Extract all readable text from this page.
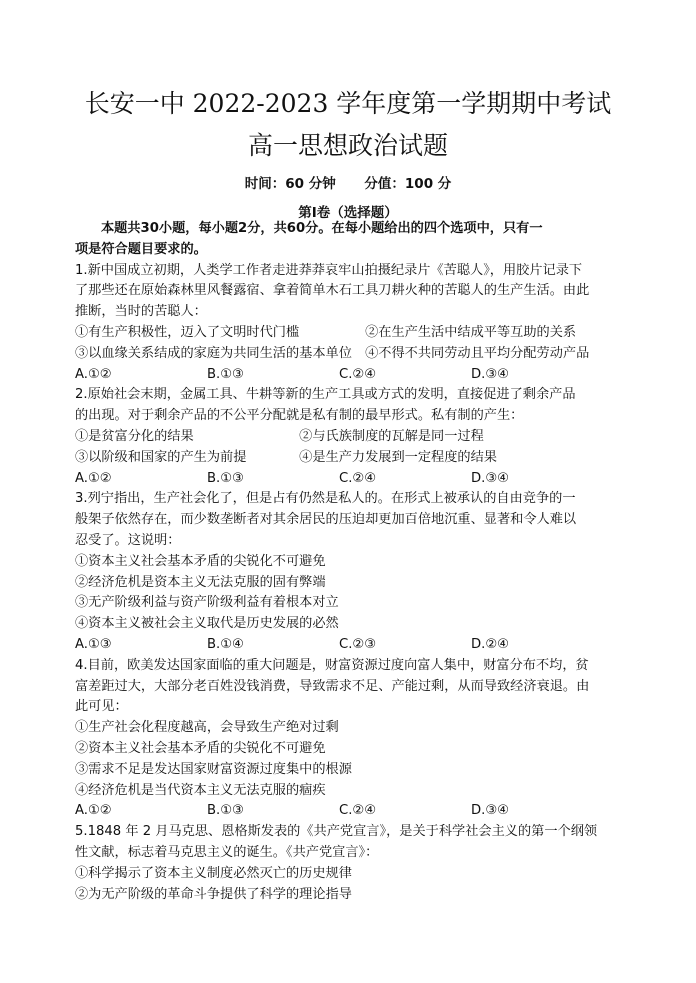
长安一中 2022-2023 学年度第一学期期中考试
高一思想政治试题
时间：60 分钟 分值：100 分
第Ⅰ卷（选择题）
本题共30小题，每小题2分，共60分。在每小题给出的四个选项中，只有一
项是符合题目要求的。
1.新中国成立初期，人类学工作者走进莽莽哀牢山拍摄纪录片《苦聪人》，用胶片记录下
了那些还在原始森林里风餐露宿、拿着简单木石工具刀耕火种的苦聪人的生产生活。由此
推断，当时的苦聪人：
①有生产积极性，迈入了文明时代门槛　　　　　②在生产生活中结成平等互助的关系
③以血缘关系结成的家庭为共同生活的基本单位　④不得不共同劳动且平均分配劳动产品
A.①②	B.①③	C.②④	D.③④
2.原始社会末期，金属工具、牛耕等新的生产工具或方式的发明，直接促进了剩余产品
的出现。对于剩余产品的不公平分配就是私有制的最早形式。私有制的产生：
①是贫富分化的结果　　　　　　　　②与氏族制度的瓦解是同一过程
③以阶级和国家的产生为前提　　　　④是生产力发展到一定程度的结果
A.①②	B.①③	C.②④	D.③④
3.列宁指出，生产社会化了，但是占有仍然是私人的。在形式上被承认的自由竞争的一
般架子依然存在，而少数垄断者对其余居民的压迫却更加百倍地沉重、显著和令人难以
忍受了。这说明：
①资本主义社会基本矛盾的尖锐化不可避免
②经济危机是资本主义无法克服的固有弊端
③无产阶级利益与资产阶级利益有着根本对立
④资本主义被社会主义取代是历史发展的必然
A.①③	B.①④	C.②③	D.②④
4.目前，欧美发达国家面临的重大问题是，财富资源过度向富人集中，财富分布不均，贫
富差距过大，大部分老百姓没钱消费，导致需求不足、产能过剩，从而导致经济衰退。由
此可见：
①生产社会化程度越高，会导致生产绝对过剩
②资本主义社会基本矛盾的尖锐化不可避免
③需求不足是发达国家财富资源过度集中的根源
④经济危机是当代资本主义无法克服的痼疾
A.①②	B.①③	C.②④	D.③④
5.1848 年 2 月马克思、恩格斯发表的《共产党宣言》，是关于科学社会主义的第一个纲领
性文献，标志着马克思主义的诞生。《共产党宣言》：
①科学揭示了资本主义制度必然灭亡的历史规律
②为无产阶级的革命斗争提供了科学的理论指导
